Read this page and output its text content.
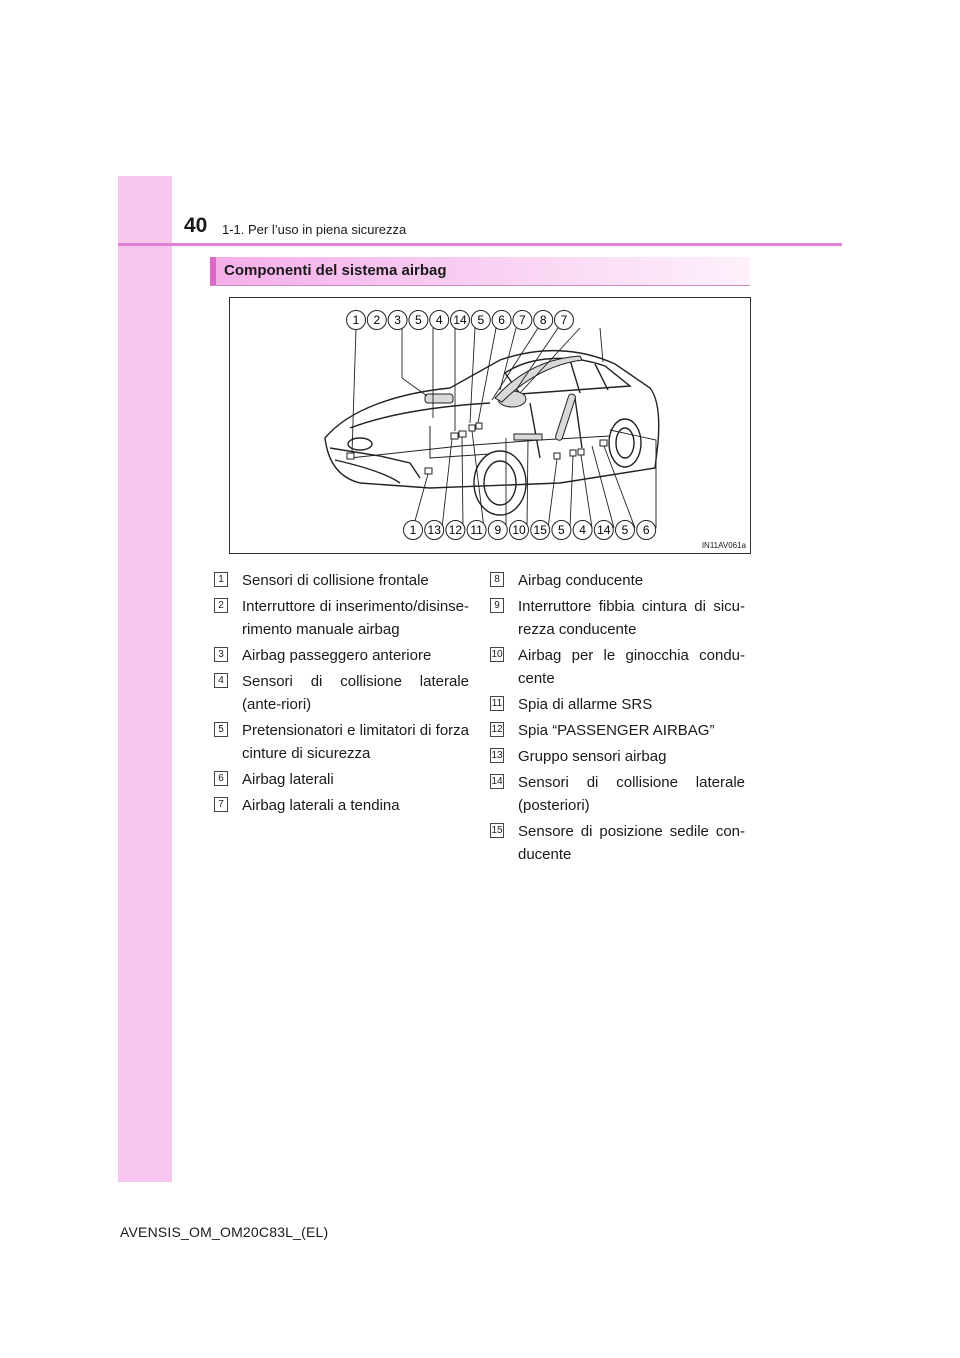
40 1-1. Per l’uso in piena sicurezza
Componenti del sistema airbag
1 2 3 5 4 14 5 6 7 8 7
1 13 12 11 9 10 15 5 4 14 5 6
IN11AV061a
1 Sensori di collisione frontale
2 Interruttore di inserimento/disinse-rimento manuale airbag
3 Airbag passeggero anteriore
4 Sensori di collisione laterale (ante-riori)
5 Pretensionatori e limitatori di forza cinture di sicurezza
6 Airbag laterali
7 Airbag laterali a tendina
8 Airbag conducente
9 Interruttore fibbia cintura di sicu-rezza conducente
10 Airbag per le ginocchia condu-cente
11 Spia di allarme SRS
12 Spia “PASSENGER AIRBAG”
13 Gruppo sensori airbag
14 Sensori di collisione laterale (posteriori)
15 Sensore di posizione sedile con-ducente
AVENSIS_OM_OM20C83L_(EL)
